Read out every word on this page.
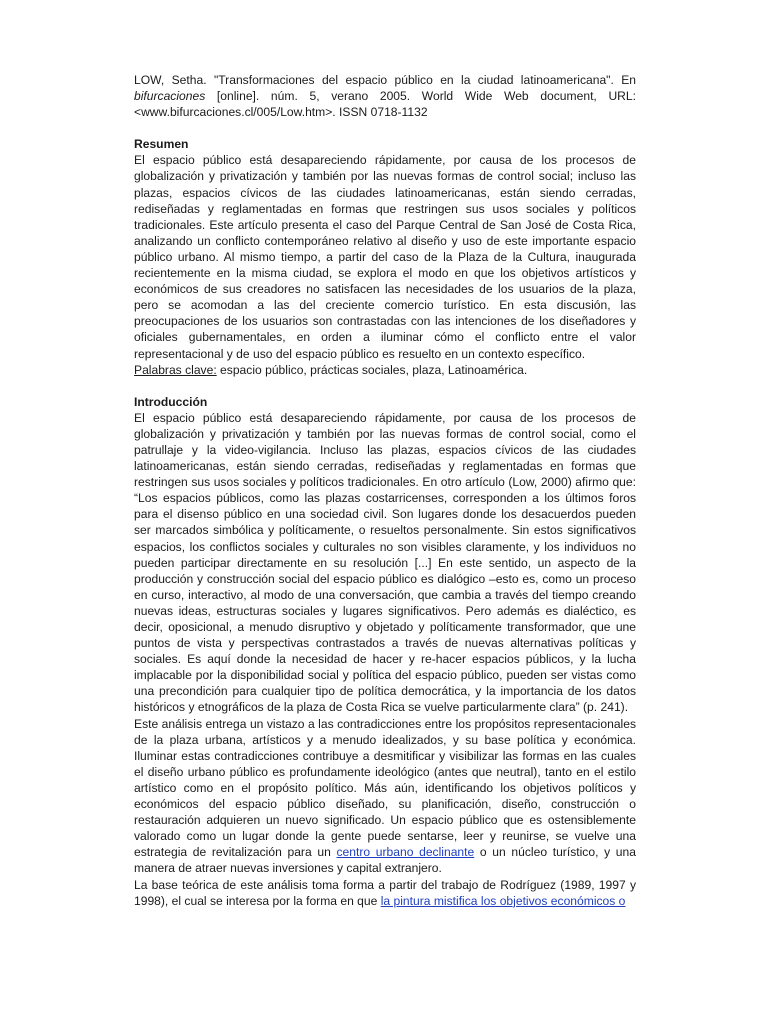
LOW, Setha. "Transformaciones del espacio público en la ciudad latinoamericana". En bifurcaciones [online]. núm. 5, verano 2005. World Wide Web document, URL: <www.bifurcaciones.cl/005/Low.htm>. ISSN 0718-1132

Resumen

El espacio público está desapareciendo rápidamente, por causa de los procesos de globalización y privatización y también por las nuevas formas de control social; incluso las plazas, espacios cívicos de las ciudades latinoamericanas, están siendo cerradas, rediseñadas y reglamentadas en formas que restringen sus usos sociales y políticos tradicionales. Este artículo presenta el caso del Parque Central de San José de Costa Rica, analizando un conflicto contemporáneo relativo al diseño y uso de este importante espacio público urbano. Al mismo tiempo, a partir del caso de la Plaza de la Cultura, inaugurada recientemente en la misma ciudad, se explora el modo en que los objetivos artísticos y económicos de sus creadores no satisfacen las necesidades de los usuarios de la plaza, pero se acomodan a las del creciente comercio turístico. En esta discusión, las preocupaciones de los usuarios son contrastadas con las intenciones de los diseñadores y oficiales gubernamentales, en orden a iluminar cómo el conflicto entre el valor representacional y de uso del espacio público es resuelto en un contexto específico.

Palabras clave: espacio público, prácticas sociales, plaza, Latinoamérica.

Introducción

El espacio público está desapareciendo rápidamente, por causa de los procesos de globalización y privatización y también por las nuevas formas de control social, como el patrullaje y la video-vigilancia. Incluso las plazas, espacios cívicos de las ciudades latinoamericanas, están siendo cerradas, rediseñadas y reglamentadas en formas que restringen sus usos sociales y políticos tradicionales. En otro artículo (Low, 2000) afirmo que: “Los espacios públicos, como las plazas costarricenses, corresponden a los últimos foros para el disenso público en una sociedad civil. Son lugares donde los desacuerdos pueden ser marcados simbólica y políticamente, o resueltos personalmente. Sin estos significativos espacios, los conflictos sociales y culturales no son visibles claramente, y los individuos no pueden participar directamente en su resolución [...] En este sentido, un aspecto de la producción y construcción social del espacio público es dialógico –esto es, como un proceso en curso, interactivo, al modo de una conversación, que cambia a través del tiempo creando nuevas ideas, estructuras sociales y lugares significativos. Pero además es dialéctico, es decir, oposicional, a menudo disruptivo y objetado y políticamente transformador, que une puntos de vista y perspectivas contrastados a través de nuevas alternativas políticas y sociales. Es aquí donde la necesidad de hacer y re-hacer espacios públicos, y la lucha implacable por la disponibilidad social y política del espacio público, pueden ser vistas como una precondición para cualquier tipo de política democrática, y la importancia de los datos históricos y etnográficos de la plaza de Costa Rica se vuelve particularmente clara” (p. 241).

Este análisis entrega un vistazo a las contradicciones entre los propósitos representacionales de la plaza urbana, artísticos y a menudo idealizados, y su base política y económica. Iluminar estas contradicciones contribuye a desmitificar y visibilizar las formas en las cuales el diseño urbano público es profundamente ideológico (antes que neutral), tanto en el estilo artístico como en el propósito político. Más aún, identificando los objetivos políticos y económicos del espacio público diseñado, su planificación, diseño, construcción o restauración adquieren un nuevo significado. Un espacio público que es ostensiblemente valorado como un lugar donde la gente puede sentarse, leer y reunirse, se vuelve una estrategia de revitalización para un centro urbano declinante o un núcleo turístico, y una manera de atraer nuevas inversiones y capital extranjero.

La base teórica de este análisis toma forma a partir del trabajo de Rodríguez (1989, 1997 y 1998), el cual se interesa por la forma en que la pintura mistifica los objetivos económicos o
